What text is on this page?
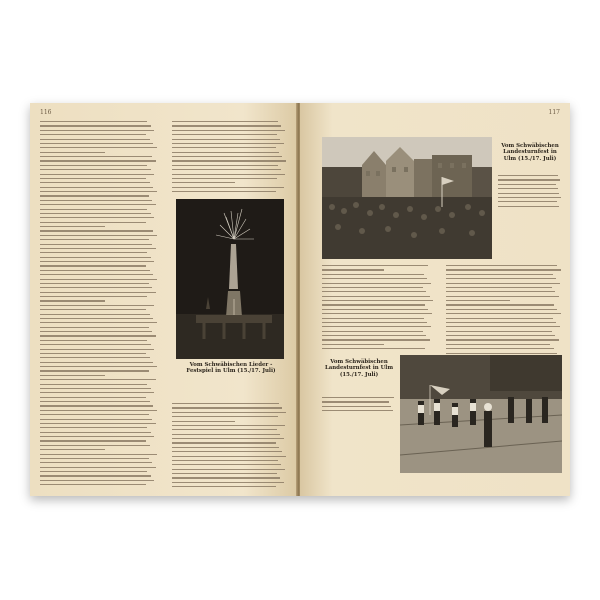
116
Vom Schwäbischen Lieder - Festspiel in Ulm (15./17. Juli)
117
Vom Schwäbischen Landesturnfest in Ulm (15./17. Juli)
Vom Schwäbischen Landesturnfest in Ulm (15./17. Juli)
